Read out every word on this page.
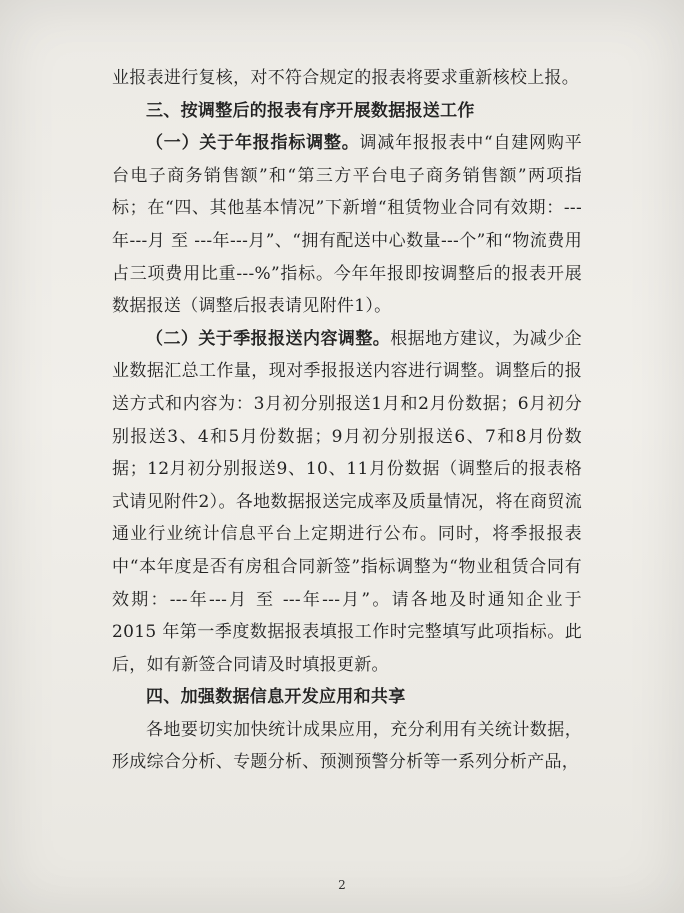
业报表进行复核，对不符合规定的报表将要求重新核校上报。

三、按调整后的报表有序开展数据报送工作

（一）关于年报指标调整。调减年报报表中“自建网购平台电子商务销售额”和“第三方平台电子商务销售额”两项指标；在“四、其他基本情况”下新增“租赁物业合同有效期：---年---月 至 ---年---月”、“拥有配送中心数量---个”和“物流费用占三项费用比重---%”指标。今年年报即按调整后的报表开展数据报送（调整后报表请见附件1）。

（二）关于季报报送内容调整。根据地方建议，为减少企业数据汇总工作量，现对季报报送内容进行调整。调整后的报送方式和内容为：3月初分别报送1月和2月份数据；6月初分别报送3、4和5月份数据；9月初分别报送6、7和8月份数据；12月初分别报送9、10、11月份数据（调整后的报表格式请见附件2）。各地数据报送完成率及质量情况，将在商贸流通业行业统计信息平台上定期进行公布。同时，将季报报表中“本年度是否有房租合同新签”指标调整为“物业租赁合同有效期：---年---月 至 ---年---月”。请各地及时通知企业于 2015 年第一季度数据报表填报工作时完整填写此项指标。此后，如有新签合同请及时填报更新。

四、加强数据信息开发应用和共享

各地要切实加快统计成果应用，充分利用有关统计数据，形成综合分析、专题分析、预测预警分析等一系列分析产品，

2
